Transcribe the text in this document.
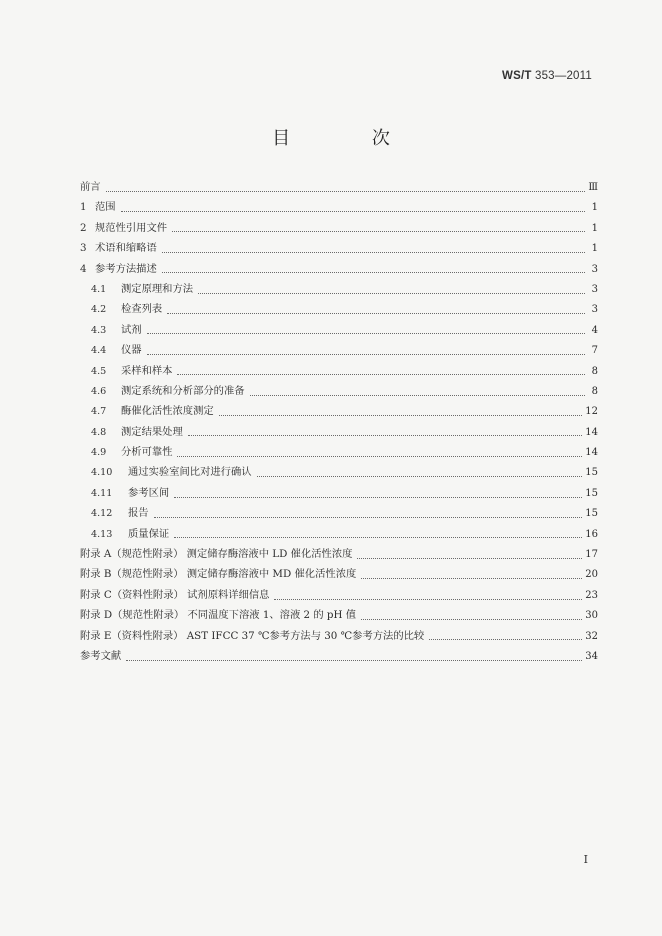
WS/T 353—2011
目 次
前言	Ⅲ
1 范围	1
2 规范性引用文件	1
3 术语和缩略语	1
4 参考方法描述	3
4.1	测定原理和方法	3
4.2	检查列表	3
4.3	试剂	4
4.4	仪器	7
4.5	采样和样本	8
4.6	测定系统和分析部分的准备	8
4.7	酶催化活性浓度测定	12
4.8	测定结果处理	14
4.9	分析可靠性	14
4.10	通过实验室间比对进行确认	15
4.11	参考区间	15
4.12	报告	15
4.13	质量保证	16
附录 A（规范性附录） 测定储存酶溶液中 LD 催化活性浓度	17
附录 B（规范性附录） 测定储存酶溶液中 MD 催化活性浓度	20
附录 C（资料性附录） 试剂原料详细信息	23
附录 D（规范性附录） 不同温度下溶液 1、溶液 2 的 pH 值	30
附录 E（资料性附录） AST IFCC 37 ℃参考方法与 30 ℃参考方法的比较	32
参考文献	34
I
